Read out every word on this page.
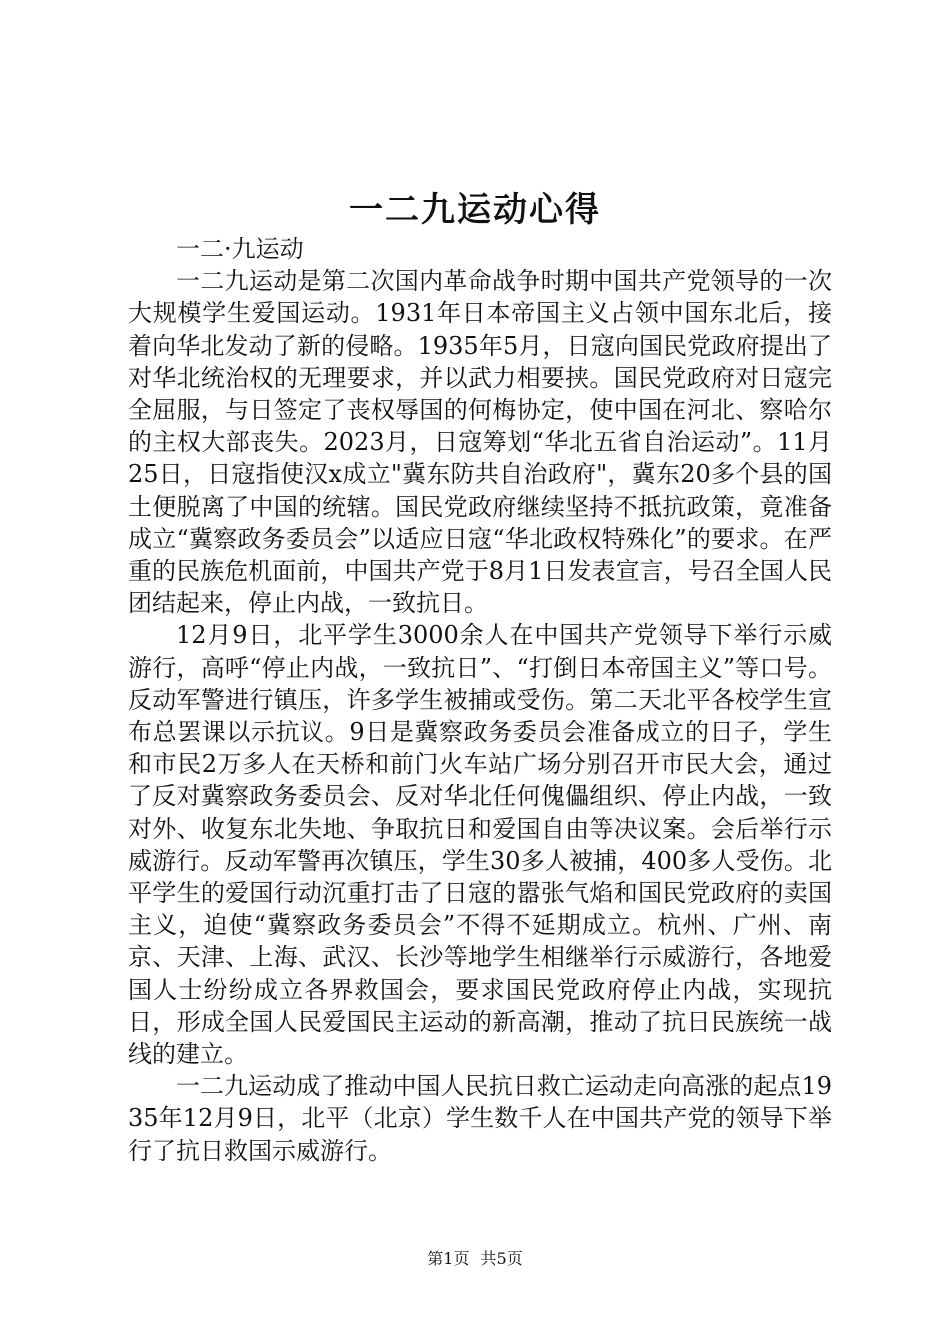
一二九运动心得

一二·九运动

一二九运动是第二次国内革命战争时期中国共产党领导的一次大规模学生爱国运动。1931年日本帝国主义占领中国东北后，接着向华北发动了新的侵略。1935年5月，日寇向国民党政府提出了对华北统治权的无理要求，并以武力相要挟。国民党政府对日寇完全屈服，与日签定了丧权辱国的何梅协定，使中国在河北、察哈尔的主权大部丧失。2023月，日寇筹划“华北五省自治运动”。11月25日，日寇指使汉x成立"冀东防共自治政府"，冀东20多个县的国土便脱离了中国的统辖。国民党政府继续坚持不抵抗政策，竟准备成立“冀察政务委员会”以适应日寇“华北政权特殊化”的要求。在严重的民族危机面前，中国共产党于8月1日发表宣言，号召全国人民团结起来，停止内战，一致抗日。

12月9日，北平学生3000余人在中国共产党领导下举行示威游行，高呼“停止内战，一致抗日”、“打倒日本帝国主义”等口号。反动军警进行镇压，许多学生被捕或受伤。第二天北平各校学生宣布总罢课以示抗议。9日是冀察政务委员会准备成立的日子，学生和市民2万多人在天桥和前门火车站广场分别召开市民大会，通过了反对冀察政务委员会、反对华北任何傀儡组织、停止内战，一致对外、收复东北失地、争取抗日和爱国自由等决议案。会后举行示威游行。反动军警再次镇压，学生30多人被捕，400多人受伤。北平学生的爱国行动沉重打击了日寇的嚣张气焰和国民党政府的卖国主义，迫使“冀察政务委员会”不得不延期成立。杭州、广州、南京、天津、上海、武汉、长沙等地学生相继举行示威游行，各地爱国人士纷纷成立各界救国会，要求国民党政府停止内战，实现抗日，形成全国人民爱国民主运动的新高潮，推动了抗日民族统一战线的建立。

一二九运动成了推动中国人民抗日救亡运动走向高涨的起点1935年12月9日，北平（北京）学生数千人在中国共产党的领导下举行了抗日救国示威游行。

第1页 共5页
